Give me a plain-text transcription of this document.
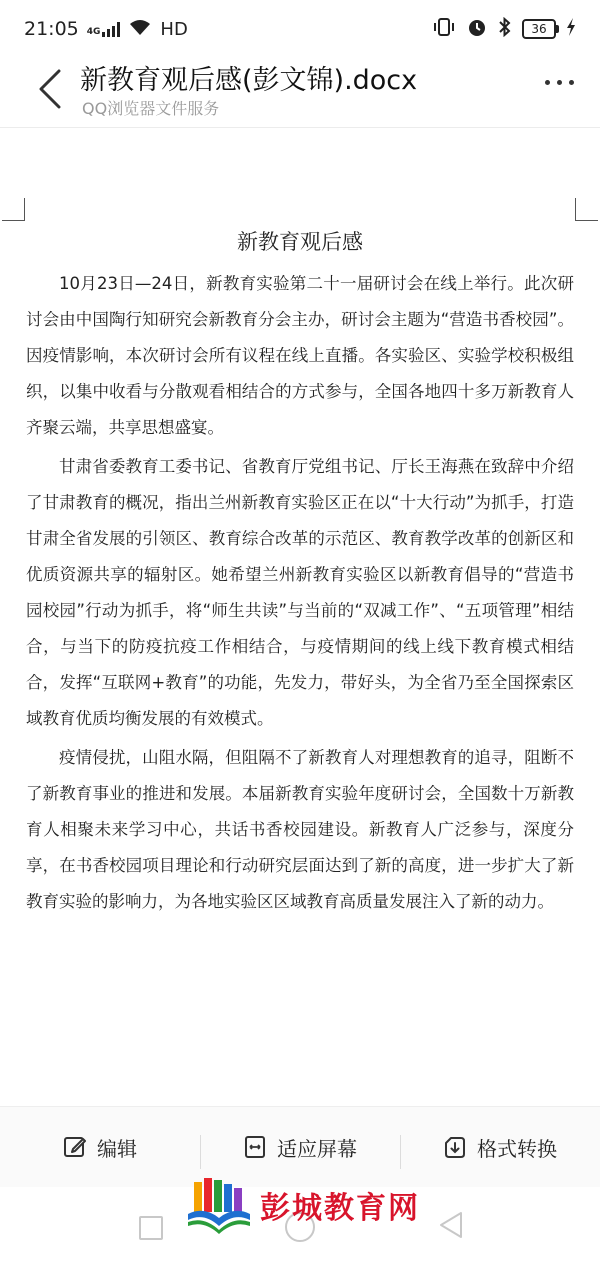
21:05 4G	HD	36
新教育观后感(彭文锦).docx
QQ浏览器文件服务
新教育观后感

10月23日—24日，新教育实验第二十一届研讨会在线上举行。此次研讨会由中国陶行知研究会新教育分会主办，研讨会主题为“营造书香校园”。因疫情影响，本次研讨会所有议程在线上直播。各实验区、实验学校积极组织，以集中收看与分散观看相结合的方式参与，全国各地四十多万新教育人齐聚云端，共享思想盛宴。

甘肃省委教育工委书记、省教育厅党组书记、厅长王海燕在致辞中介绍了甘肃教育的概况，指出兰州新教育实验区正在以“十大行动”为抓手，打造甘肃全省发展的引领区、教育综合改革的示范区、教育教学改革的创新区和优质资源共享的辐射区。她希望兰州新教育实验区以新教育倡导的“营造书园校园”行动为抓手，将“师生共读”与当前的“双减工作”、“五项管理”相结合，与当下的防疫抗疫工作相结合，与疫情期间的线上线下教育模式相结合，发挥“互联网+教育”的功能，先发力，带好头，为全省乃至全国探索区域教育优质均衡发展的有效模式。

疫情侵扰，山阻水隔，但阻隔不了新教育人对理想教育的追寻，阻断不了新教育事业的推进和发展。本届新教育实验年度研讨会，全国数十万新教育人相聚未来学习中心，共话书香校园建设。新教育人广泛参与，深度分享，在书香校园项目理论和行动研究层面达到了新的高度，进一步扩大了新教育实验的影响力，为各地实验区区域教育高质量发展注入了新的动力。

编辑	适应屏幕	格式转换
彭城教育网
